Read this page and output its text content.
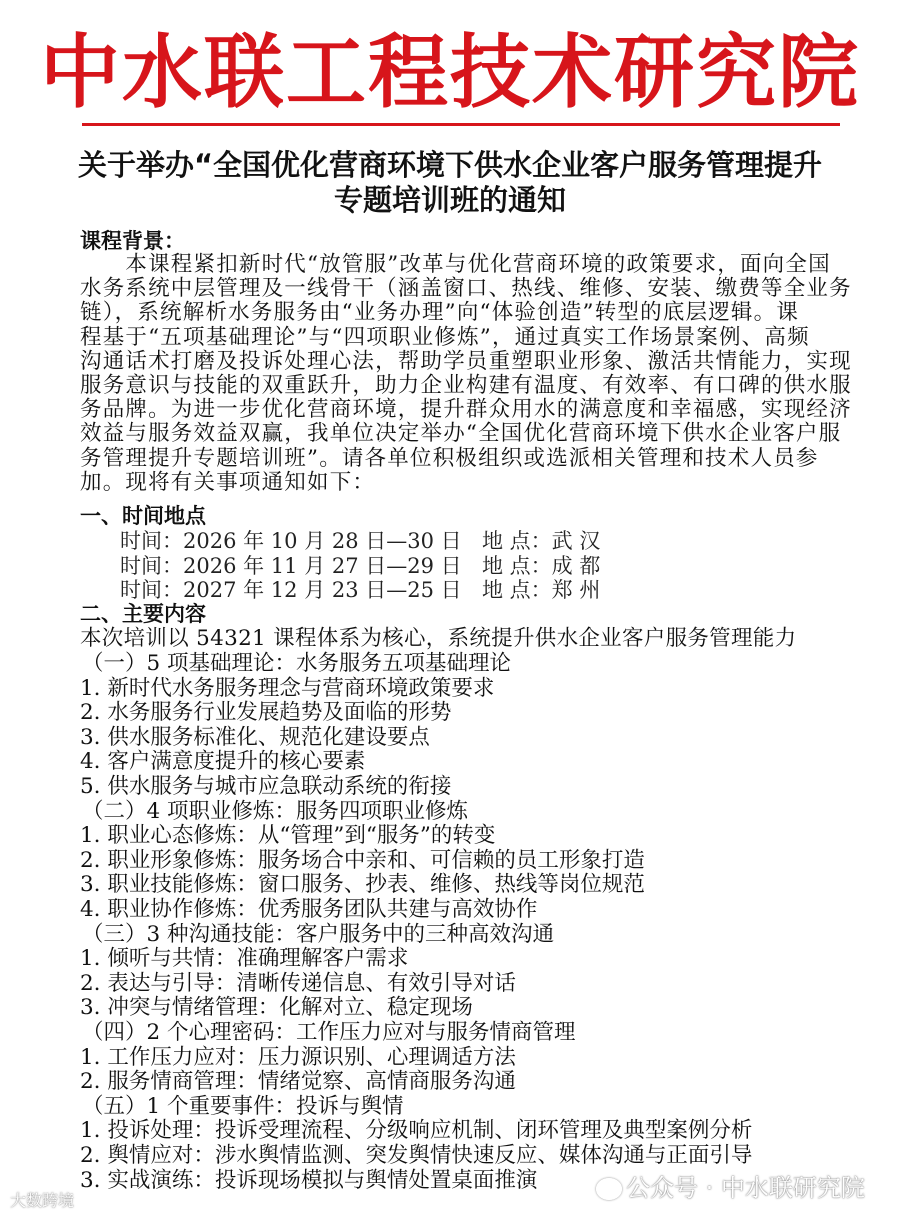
中水联工程技术研究院
关于举办“全国优化营商环境下供水企业客户服务管理提升
专题培训班的通知
课程背景：
　　本课程紧扣新时代“放管服”改革与优化营商环境的政策要求，面向全国
水务系统中层管理及一线骨干（涵盖窗口、热线、维修、安装、缴费等全业务
链），系统解析水务服务由“业务办理”向“体验创造”转型的底层逻辑。课
程基于“五项基础理论”与“四项职业修炼”，通过真实工作场景案例、高频
沟通话术打磨及投诉处理心法，帮助学员重塑职业形象、激活共情能力，实现
服务意识与技能的双重跃升，助力企业构建有温度、有效率、有口碑的供水服
务品牌。为进一步优化营商环境，提升群众用水的满意度和幸福感，实现经济
效益与服务效益双赢，我单位决定举办“全国优化营商环境下供水企业客户服
务管理提升专题培训班”。请各单位积极组织或选派相关管理和技术人员参
加。现将有关事项通知如下：
一、时间地点
时间：2026 年 10 月 28 日—30 日 地 点：武 汉
时间：2026 年 11 月 27 日—29 日 地 点：成 都
时间：2027 年 12 月 23 日—25 日 地 点：郑 州
二、主要内容
本次培训以 54321 课程体系为核心，系统提升供水企业客户服务管理能力
（一）5 项基础理论：水务服务五项基础理论
1. 新时代水务服务理念与营商环境政策要求
2. 水务服务行业发展趋势及面临的形势
3. 供水服务标准化、规范化建设要点
4. 客户满意度提升的核心要素
5. 供水服务与城市应急联动系统的衔接
（二）4 项职业修炼：服务四项职业修炼
1. 职业心态修炼：从“管理”到“服务”的转变
2. 职业形象修炼：服务场合中亲和、可信赖的员工形象打造
3. 职业技能修炼：窗口服务、抄表、维修、热线等岗位规范
4. 职业协作修炼：优秀服务团队共建与高效协作
（三）3 种沟通技能：客户服务中的三种高效沟通
1. 倾听与共情：准确理解客户需求
2. 表达与引导：清晰传递信息、有效引导对话
3. 冲突与情绪管理：化解对立、稳定现场
（四）2 个心理密码：工作压力应对与服务情商管理
1. 工作压力应对：压力源识别、心理调适方法
2. 服务情商管理：情绪觉察、高情商服务沟通
（五）1 个重要事件：投诉与舆情
1. 投诉处理：投诉受理流程、分级响应机制、闭环管理及典型案例分析
2. 舆情应对：涉水舆情监测、突发舆情快速反应、媒体沟通与正面引导
3. 实战演练：投诉现场模拟与舆情处置桌面推演
大数跨境	公众号 · 中水联研究院
